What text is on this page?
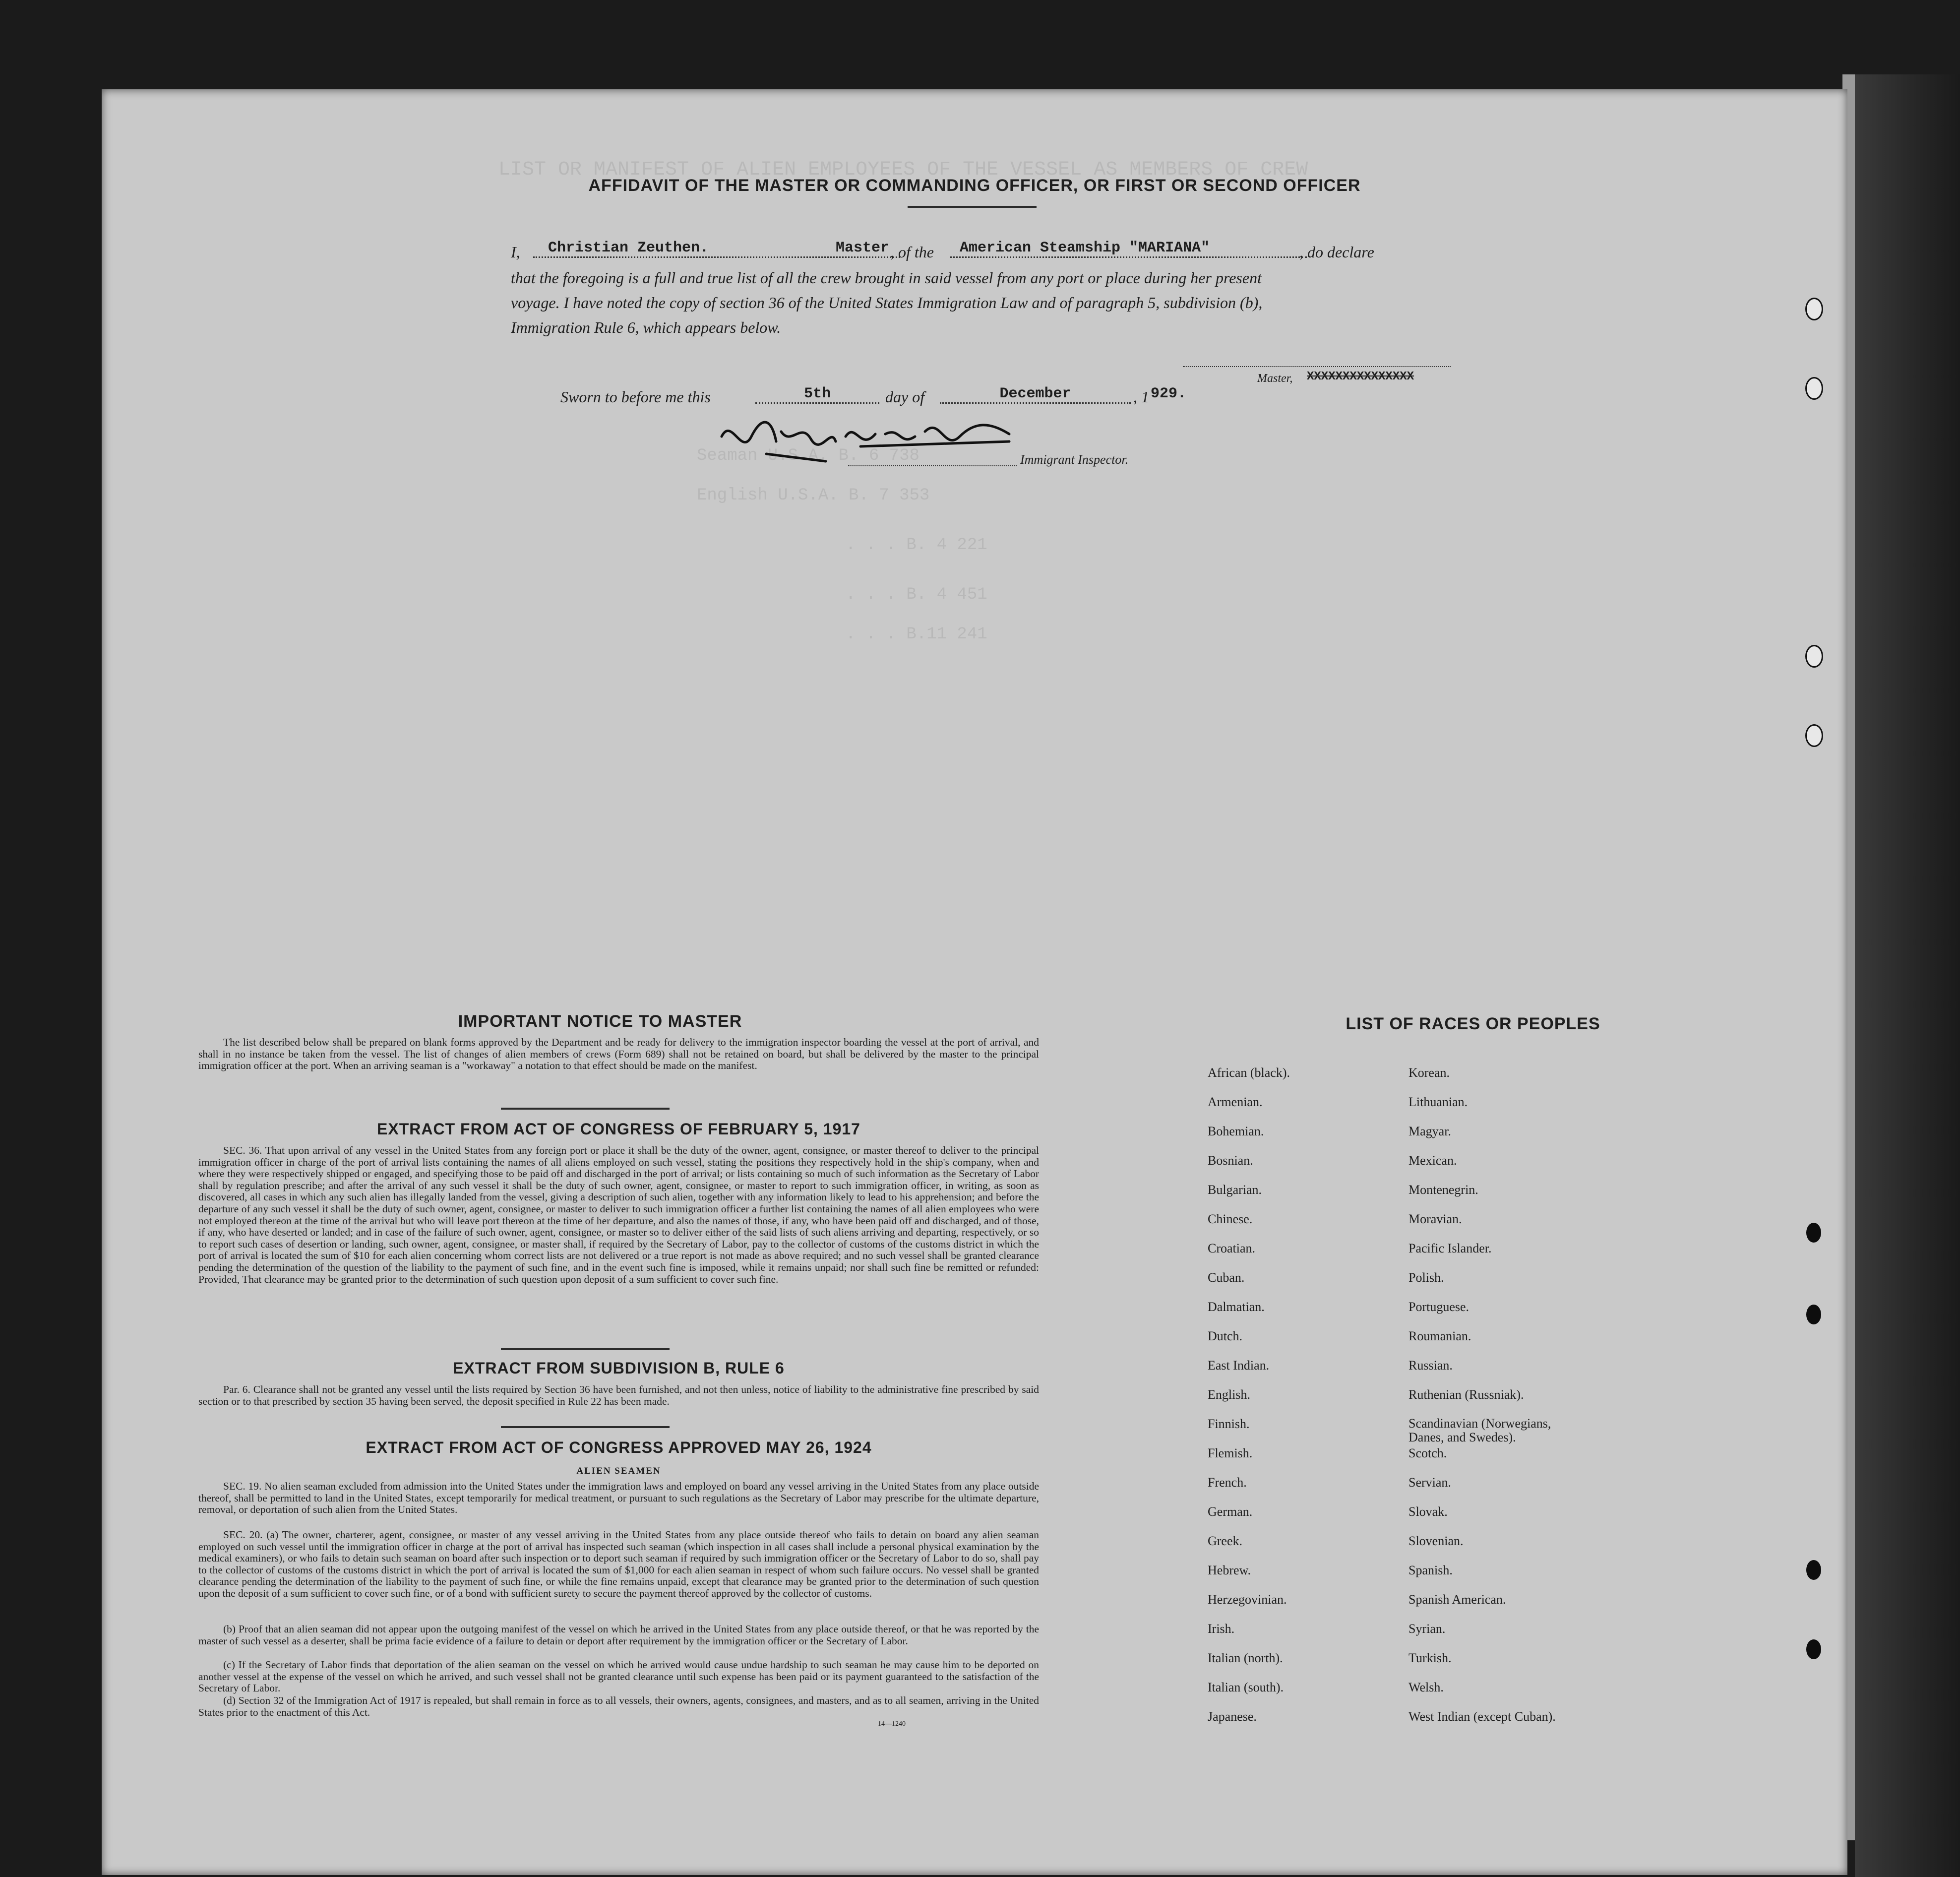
LIST OR MANIFEST OF ALIEN EMPLOYEES OF THE VESSEL AS MEMBERS OF CREW
Seaman U.S.A. B. 6 738
English U.S.A. B. 7 353
. . . B. 4 221
. . . B. 4 451
. . . B.11 241
AFFIDAVIT OF THE MASTER OR COMMANDING OFFICER, OR FIRST OR SECOND OFFICER
I,	Christian Zeuthen.	Master , of the	American Steamship "MARIANA"	, do declare
that the foregoing is a full and true list of all the crew brought in said vessel from any port or place during her present
voyage. I have noted the copy of section 36 of the United States Immigration Law and of paragraph 5, subdivision (b),
Immigration Rule 6, which appears below.
Master, XXXXXXXXXXXXXXX
Sworn to before me this	5th	day of	December	, 1 929.
Immigrant Inspector.
IMPORTANT NOTICE TO MASTER
The list described below shall be prepared on blank forms approved by the Department and be ready for delivery to the immigration inspector boarding the vessel at the port of arrival, and shall in no instance be taken from the vessel. The list of changes of alien members of crews (Form 689) shall not be retained on board, but shall be delivered by the master to the principal immigration officer at the port. When an arriving seaman is a "workaway" a notation to that effect should be made on the manifest.
EXTRACT FROM ACT OF CONGRESS OF FEBRUARY 5, 1917
SEC. 36. That upon arrival of any vessel in the United States from any foreign port or place it shall be the duty of the owner, agent, consignee, or master thereof to deliver to the principal immigration officer in charge of the port of arrival lists containing the names of all aliens employed on such vessel, stating the positions they respectively hold in the ship's company, when and where they were respectively shipped or engaged, and specifying those to be paid off and discharged in the port of arrival; or lists containing so much of such information as the Secretary of Labor shall by regulation prescribe; and after the arrival of any such vessel it shall be the duty of such owner, agent, consignee, or master to report to such immigration officer, in writing, as soon as discovered, all cases in which any such alien has illegally landed from the vessel, giving a description of such alien, together with any information likely to lead to his apprehension; and before the departure of any such vessel it shall be the duty of such owner, agent, consignee, or master to deliver to such immigration officer a further list containing the names of all alien employees who were not employed thereon at the time of the arrival but who will leave port thereon at the time of her departure, and also the names of those, if any, who have been paid off and discharged, and of those, if any, who have deserted or landed; and in case of the failure of such owner, agent, consignee, or master so to deliver either of the said lists of such aliens arriving and departing, respectively, or so to report such cases of desertion or landing, such owner, agent, consignee, or master shall, if required by the Secretary of Labor, pay to the collector of customs of the customs district in which the port of arrival is located the sum of $10 for each alien concerning whom correct lists are not delivered or a true report is not made as above required; and no such vessel shall be granted clearance pending the determination of the question of the liability to the payment of such fine, and in the event such fine is imposed, while it remains unpaid; nor shall such fine be remitted or refunded: Provided, That clearance may be granted prior to the determination of such question upon deposit of a sum sufficient to cover such fine.
EXTRACT FROM SUBDIVISION B, RULE 6
Par. 6. Clearance shall not be granted any vessel until the lists required by Section 36 have been furnished, and not then unless, notice of liability to the administrative fine prescribed by said section or to that prescribed by section 35 having been served, the deposit specified in Rule 22 has been made.
EXTRACT FROM ACT OF CONGRESS APPROVED MAY 26, 1924
ALIEN SEAMEN
SEC. 19. No alien seaman excluded from admission into the United States under the immigration laws and employed on board any vessel arriving in the United States from any place outside thereof, shall be permitted to land in the United States, except temporarily for medical treatment, or pursuant to such regulations as the Secretary of Labor may prescribe for the ultimate departure, removal, or deportation of such alien from the United States.
SEC. 20. (a) The owner, charterer, agent, consignee, or master of any vessel arriving in the United States from any place outside thereof who fails to detain on board any alien seaman employed on such vessel until the immigration officer in charge at the port of arrival has inspected such seaman (which inspection in all cases shall include a personal physical examination by the medical examiners), or who fails to detain such seaman on board after such inspection or to deport such seaman if required by such immigration officer or the Secretary of Labor to do so, shall pay to the collector of customs of the customs district in which the port of arrival is located the sum of $1,000 for each alien seaman in respect of whom such failure occurs. No vessel shall be granted clearance pending the determination of the liability to the payment of such fine, or while the fine remains unpaid, except that clearance may be granted prior to the determination of such question upon the deposit of a sum sufficient to cover such fine, or of a bond with sufficient surety to secure the payment thereof approved by the collector of customs.
(b) Proof that an alien seaman did not appear upon the outgoing manifest of the vessel on which he arrived in the United States from any place outside thereof, or that he was reported by the master of such vessel as a deserter, shall be prima facie evidence of a failure to detain or deport after requirement by the immigration officer or the Secretary of Labor.
(c) If the Secretary of Labor finds that deportation of the alien seaman on the vessel on which he arrived would cause undue hardship to such seaman he may cause him to be deported on another vessel at the expense of the vessel on which he arrived, and such vessel shall not be granted clearance until such expense has been paid or its payment guaranteed to the satisfaction of the Secretary of Labor.
(d) Section 32 of the Immigration Act of 1917 is repealed, but shall remain in force as to all vessels, their owners, agents, consignees, and masters, and as to all seamen, arriving in the United States prior to the enactment of this Act.
14—1240
LIST OF RACES OR PEOPLES
African (black).
Armenian.
Bohemian.
Bosnian.
Bulgarian.
Chinese.
Croatian.
Cuban.
Dalmatian.
Dutch.
East Indian.
English.
Finnish.
Flemish.
French.
German.
Greek.
Hebrew.
Herzegovinian.
Irish.
Italian (north).
Italian (south).
Japanese.
Korean.
Lithuanian.
Magyar.
Mexican.
Montenegrin.
Moravian.
Pacific Islander.
Polish.
Portuguese.
Roumanian.
Russian.
Ruthenian (Russniak).
Scandinavian (Norwegians, Danes, and Swedes).
Scotch.
Servian.
Slovak.
Slovenian.
Spanish.
Spanish American.
Syrian.
Turkish.
Welsh.
West Indian (except Cuban).
